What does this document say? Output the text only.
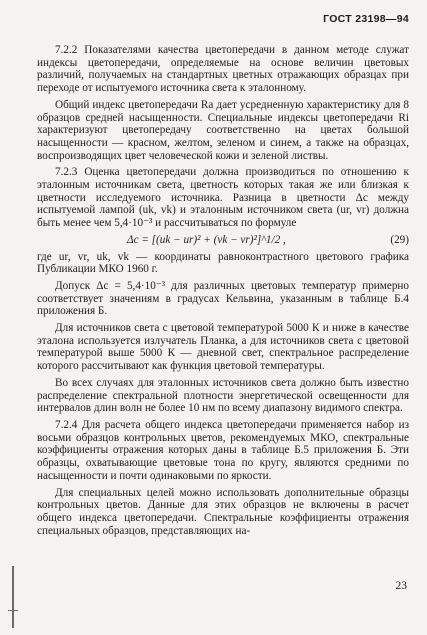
ГОСТ 23198—94

7.2.2 Показателями качества цветопередачи в данном методе служат индексы цветопередачи, определяемые на основе величин цветовых различий, получаемых на стандартных цветных отражающих образцах при переходе от испытуемого источника света к эталонному.

Общий индекс цветопередачи Ra дает усредненную характеристику для 8 образцов средней насыщенности. Специальные индексы цветопередачи Ri характеризуют цветопередачу соответственно на цветах большой насыщенности — красном, желтом, зеленом и синем, а также на образцах, воспроизводящих цвет человеческой кожи и зеленой листвы.

7.2.3 Оценка цветопередачи должна производиться по отношению к эталонным источникам света, цветность которых такая же или близкая к цветности исследуемого источника. Разница в цветности Δc между испытуемой лампой (uk, vk) и эталонным источником света (ur, vr) должна быть менее чем 5,4·10⁻³ и рассчитываться по формуле

Δc = [(uk − ur)² + (vk − vr)²]^1/2 ,	(29)

где ur, vr, uk, vk — координаты равноконтрастного цветового графика Публикации МКО 1960 г.

Допуск Δc = 5,4·10⁻³ для различных цветовых температур примерно соответствует значениям в градусах Кельвина, указанным в таблице Б.4 приложения Б.

Для источников света с цветовой температурой 5000 К и ниже в качестве эталона используется излучатель Планка, а для источников света с цветовой температурой выше 5000 К — дневной свет, спектральное распределение которого рассчитывают как функция цветовой температуры.

Во всех случаях для эталонных источников света должно быть известно распределение спектральной плотности энергетической освещенности для интервалов длин волн не более 10 нм по всему диапазону видимого спектра.

7.2.4 Для расчета общего индекса цветопередачи применяется набор из восьми образцов контрольных цветов, рекомендуемых МКО, спектральные коэффициенты отражения которых даны в таблице Б.5 приложения Б. Эти образцы, охватывающие цветовые тона по кругу, являются средними по насыщенности и почти одинаковыми по яркости.

Для специальных целей можно использовать дополнительные образцы контрольных цветов. Данные для этих образцов не включены в расчет общего индекса цветопередачи. Спектральные коэффициенты отражения специальных образцов, представляющих на-

23
